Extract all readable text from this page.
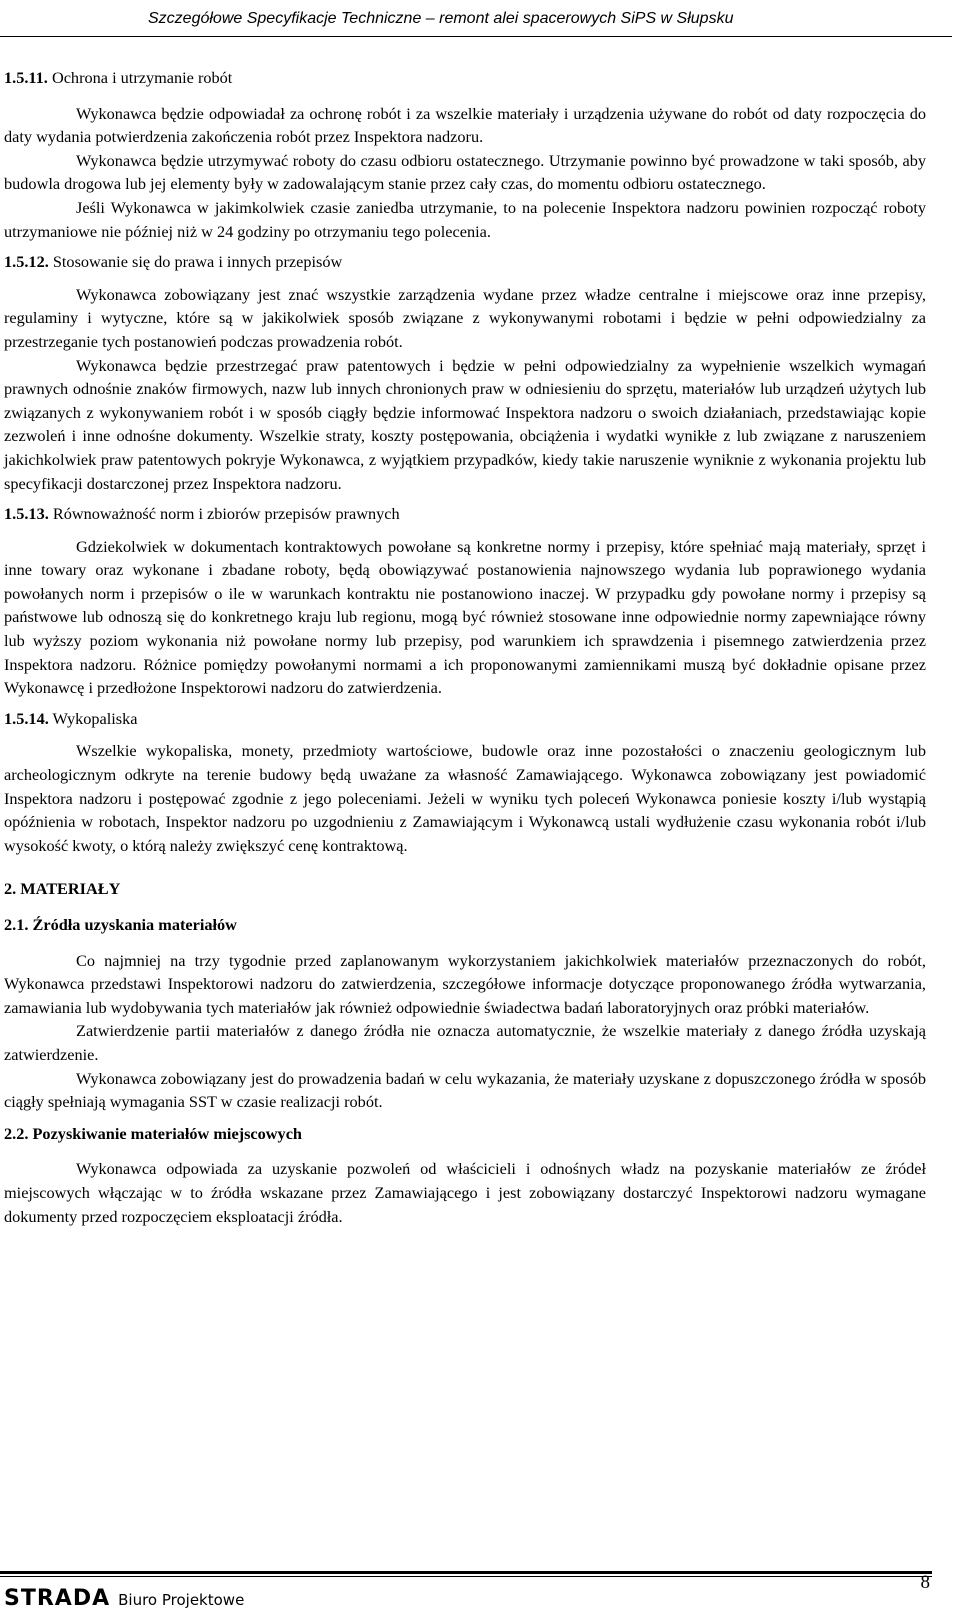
Szczegółowe Specyfikacje Techniczne – remont alei spacerowych SiPS w Słupsku

1.5.11. Ochrona i utrzymanie robót

Wykonawca będzie odpowiadał za ochronę robót i za wszelkie materiały i urządzenia używane do robót od daty rozpoczęcia do daty wydania potwierdzenia zakończenia robót przez Inspektora nadzoru.

Wykonawca będzie utrzymywać roboty do czasu odbioru ostatecznego. Utrzymanie powinno być prowadzone w taki sposób, aby budowla drogowa lub jej elementy były w zadowalającym stanie przez cały czas, do momentu odbioru ostatecznego.

Jeśli Wykonawca w jakimkolwiek czasie zaniedba utrzymanie, to na polecenie Inspektora nadzoru powinien rozpocząć roboty utrzymaniowe nie później niż w 24 godziny po otrzymaniu tego polecenia.

1.5.12. Stosowanie się do prawa i innych przepisów

Wykonawca zobowiązany jest znać wszystkie zarządzenia wydane przez władze centralne i miejscowe oraz inne przepisy, regulaminy i wytyczne, które są w jakikolwiek sposób związane z wykonywanymi robotami i będzie w pełni odpowiedzialny za przestrzeganie tych postanowień podczas prowadzenia robót.

Wykonawca będzie przestrzegać praw patentowych i będzie w pełni odpowiedzialny za wypełnienie wszelkich wymagań prawnych odnośnie znaków firmowych, nazw lub innych chronionych praw w odniesieniu do sprzętu, materiałów lub urządzeń użytych lub związanych z wykonywaniem robót i w sposób ciągły będzie informować Inspektora nadzoru o swoich działaniach, przedstawiając kopie zezwoleń i inne odnośne dokumenty. Wszelkie straty, koszty postępowania, obciążenia i wydatki wynikłe z lub związane z naruszeniem jakichkolwiek praw patentowych pokryje Wykonawca, z wyjątkiem przypadków, kiedy takie naruszenie wyniknie z wykonania projektu lub specyfikacji dostarczonej przez Inspektora nadzoru.

1.5.13. Równoważność norm i zbiorów przepisów prawnych

Gdziekolwiek w dokumentach kontraktowych powołane są konkretne normy i przepisy, które spełniać mają materiały, sprzęt i inne towary oraz wykonane i zbadane roboty, będą obowiązywać postanowienia najnowszego wydania lub poprawionego wydania powołanych norm i przepisów o ile w warunkach kontraktu nie postanowiono inaczej. W przypadku gdy powołane normy i przepisy są państwowe lub odnoszą się do konkretnego kraju lub regionu, mogą być również stosowane inne odpowiednie normy zapewniające równy lub wyższy poziom wykonania niż powołane normy lub przepisy, pod warunkiem ich sprawdzenia i pisemnego zatwierdzenia przez Inspektora nadzoru. Różnice pomiędzy powołanymi normami a ich proponowanymi zamiennikami muszą być dokładnie opisane przez Wykonawcę i przedłożone Inspektorowi nadzoru do zatwierdzenia.

1.5.14. Wykopaliska

Wszelkie wykopaliska, monety, przedmioty wartościowe, budowle oraz inne pozostałości o znaczeniu geologicznym lub archeologicznym odkryte na terenie budowy będą uważane za własność Zamawiającego. Wykonawca zobowiązany jest powiadomić Inspektora nadzoru i postępować zgodnie z jego poleceniami. Jeżeli w wyniku tych poleceń Wykonawca poniesie koszty i/lub wystąpią opóźnienia w robotach, Inspektor nadzoru po uzgodnieniu z Zamawiającym i Wykonawcą ustali wydłużenie czasu wykonania robót i/lub wysokość kwoty, o którą należy zwiększyć cenę kontraktową.

2. MATERIAŁY

2.1. Źródła uzyskania materiałów

Co najmniej na trzy tygodnie przed zaplanowanym wykorzystaniem jakichkolwiek materiałów przeznaczonych do robót, Wykonawca przedstawi Inspektorowi nadzoru do zatwierdzenia, szczegółowe informacje dotyczące proponowanego źródła wytwarzania, zamawiania lub wydobywania tych materiałów jak również odpowiednie świadectwa badań laboratoryjnych oraz próbki materiałów.

Zatwierdzenie partii materiałów z danego źródła nie oznacza automatycznie, że wszelkie materiały z danego źródła uzyskają zatwierdzenie.

Wykonawca zobowiązany jest do prowadzenia badań w celu wykazania, że materiały uzyskane z dopuszczonego źródła w sposób ciągły spełniają wymagania SST w czasie realizacji robót.

2.2. Pozyskiwanie materiałów miejscowych

Wykonawca odpowiada za uzyskanie pozwoleń od właścicieli i odnośnych władz na pozyskanie materiałów ze źródeł miejscowych włączając w to źródła wskazane przez Zamawiającego i jest zobowiązany dostarczyć Inspektorowi nadzoru wymagane dokumenty przed rozpoczęciem eksploatacji źródła.

STRADA Biuro Projektowe
8
